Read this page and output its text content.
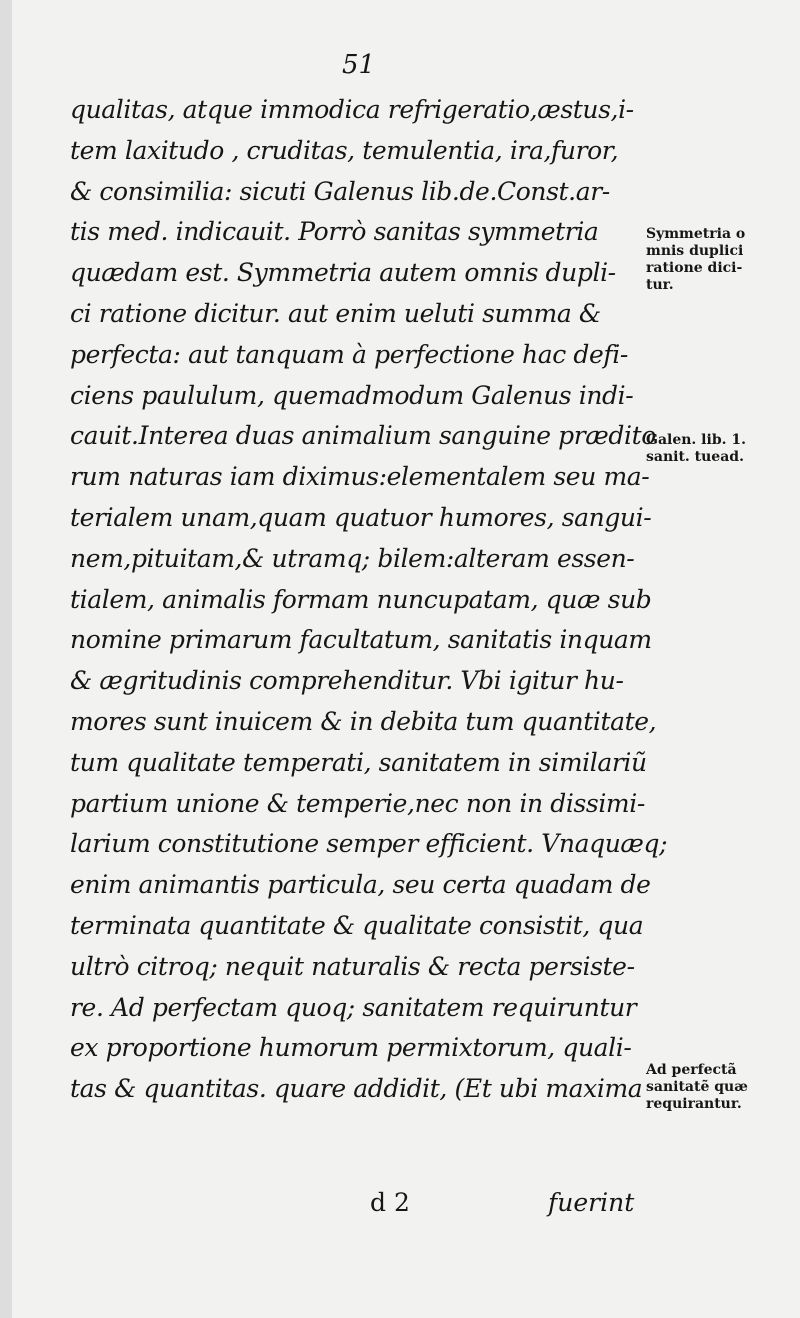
51
qualitas, atque immodica refrigeratio,æstus,i-
tem laxitudo , cruditas, temulentia, ira,furor,
& consimilia: sicuti Galenus lib.de.Const.ar-
tis med. indicauit. Porrò sanitas symmetria
quædam est. Symmetria autem omnis dupli-
ci ratione dicitur. aut enim ueluti summa &
perfecta: aut tanquam à perfectione hac defi-
ciens paululum, quemadmodum Galenus indi-
cauit.Interea duas animalium sanguine prædito
rum naturas iam diximus:elementalem seu ma-
terialem unam,quam quatuor humores, sangui-
nem,pituitam,& utramq; bilem:alteram essen-
tialem, animalis formam nuncupatam, quæ sub
nomine primarum facultatum, sanitatis inquam
& ægritudinis comprehenditur. Vbi igitur hu-
mores sunt inuicem & in debita tum quantitate,
tum qualitate temperati, sanitatem in similariũ
partium unione & temperie,nec non in dissimi-
larium constitutione semper efficient. Vnaquæq;
enim animantis particula, seu certa quadam de
terminata quantitate & qualitate consistit, qua
ultrò citroq; nequit naturalis & recta persiste-
re. Ad perfectam quoq; sanitatem requiruntur
ex proportione humorum permixtorum, quali-
tas & quantitas. quare addidit, (Et ubi maxima
Symmetria o
mnis duplici
ratione dici-
tur.
Galen. lib. 1.
sanit. tuead.
Ad perfectã
sanitatẽ quæ
requirantur.
d 2	fuerint
